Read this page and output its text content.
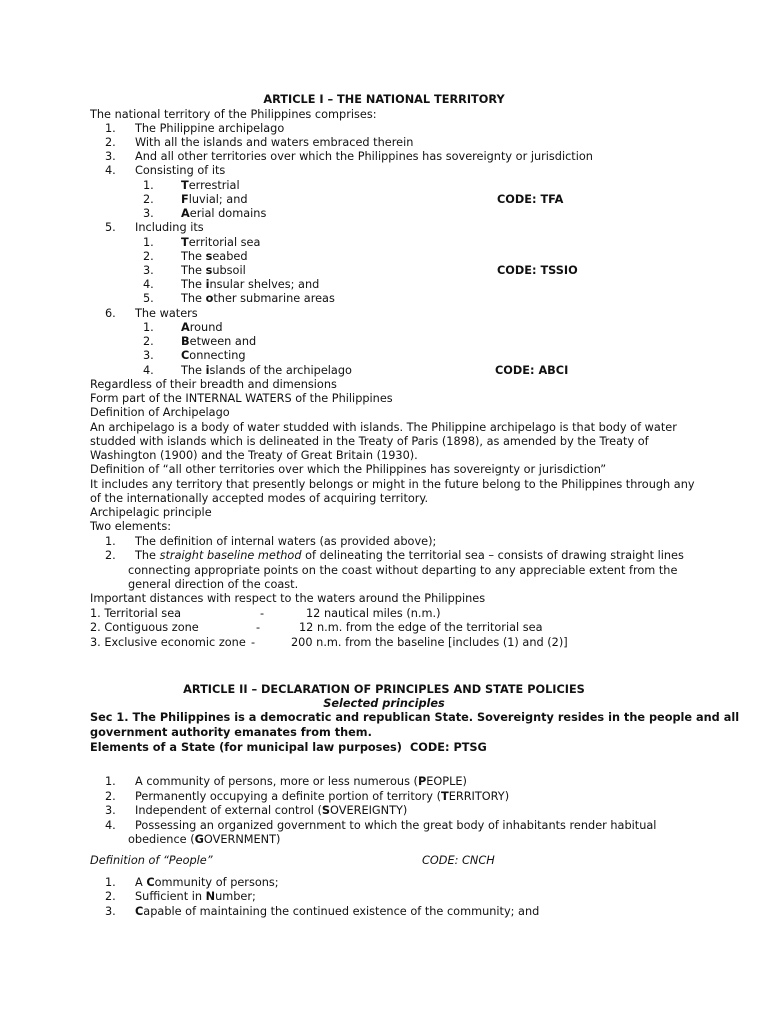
ARTICLE I – THE NATIONAL TERRITORY
The national territory of the Philippines comprises:
1. The Philippine archipelago
2. With all the islands and waters embraced therein
3. And all other territories over which the Philippines has sovereignty or jurisdiction
4. Consisting of its
1. Terrestrial
2. Fluvial; and	CODE: TFA
3. Aerial domains
5. Including its
1. Territorial sea
2. The seabed
3. The subsoil	CODE: TSSIO
4. The insular shelves; and
5. The other submarine areas
6. The waters
1. Around
2. Between and
3. Connecting
4. The islands of the archipelago	CODE: ABCI
Regardless of their breadth and dimensions
Form part of the INTERNAL WATERS of the Philippines
Definition of Archipelago
An archipelago is a body of water studded with islands. The Philippine archipelago is that body of water
studded with islands which is delineated in the Treaty of Paris (1898), as amended by the Treaty of
Washington (1900) and the Treaty of Great Britain (1930).
Definition of “all other territories over which the Philippines has sovereignty or jurisdiction”
It includes any territory that presently belongs or might in the future belong to the Philippines through any
of the internationally accepted modes of acquiring territory.
Archipelagic principle
Two elements:
1. The definition of internal waters (as provided above);
2. The straight baseline method of delineating the territorial sea – consists of drawing straight lines
connecting appropriate points on the coast without departing to any appreciable extent from the
general direction of the coast.
Important distances with respect to the waters around the Philippines
1. Territorial sea	-	12 nautical miles (n.m.)
2. Contiguous zone	-	12 n.m. from the edge of the territorial sea
3. Exclusive economic zone -	200 n.m. from the baseline [includes (1) and (2)]
ARTICLE II – DECLARATION OF PRINCIPLES AND STATE POLICIES
Selected principles
Sec 1. The Philippines is a democratic and republican State. Sovereignty resides in the people and all
government authority emanates from them.
Elements of a State (for municipal law purposes) CODE: PTSG
1. A community of persons, more or less numerous (PEOPLE)
2. Permanently occupying a definite portion of territory (TERRITORY)
3. Independent of external control (SOVEREIGNTY)
4. Possessing an organized government to which the great body of inhabitants render habitual
obedience (GOVERNMENT)
Definition of “People”	CODE: CNCH
1. A Community of persons;
2. Sufficient in Number;
3. Capable of maintaining the continued existence of the community; and
